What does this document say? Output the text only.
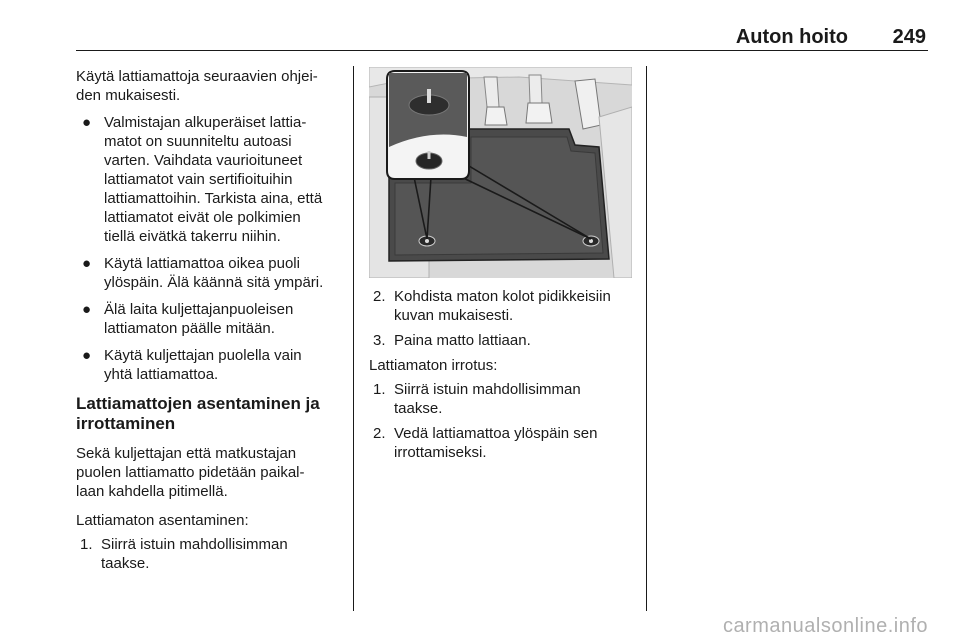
Auton hoito 249

Käytä lattiamattoja seuraavien ohjei-
den mukaisesti.

● Valmistajan alkuperäiset lattia-
matot on suunniteltu autoasi
varten. Vaihdata vaurioituneet
lattiamatot vain sertifioituihin
lattiamattoihin. Tarkista aina, että
lattiamatot eivät ole polkimien
tiellä eivätkä takerru niihin.
● Käytä lattiamattoa oikea puoli
ylöspäin. Älä käännä sitä ympäri.
● Älä laita kuljettajanpuoleisen
lattiamaton päälle mitään.
● Käytä kuljettajan puolella vain
yhtä lattiamattoa.

Lattiamattojen asentaminen ja
irrottaminen

Sekä kuljettajan että matkustajan
puolen lattiamatto pidetään paikal-
laan kahdella pitimellä.

Lattiamaton asentaminen:

1. Siirrä istuin mahdollisimman
taakse.
2. Kohdista maton kolot pidikkeisiin
kuvan mukaisesti.
3. Paina matto lattiaan.

Lattiamaton irrotus:

1. Siirrä istuin mahdollisimman
taakse.
2. Vedä lattiamattoa ylöspäin sen
irrottamiseksi.
carmanualsonline.info
